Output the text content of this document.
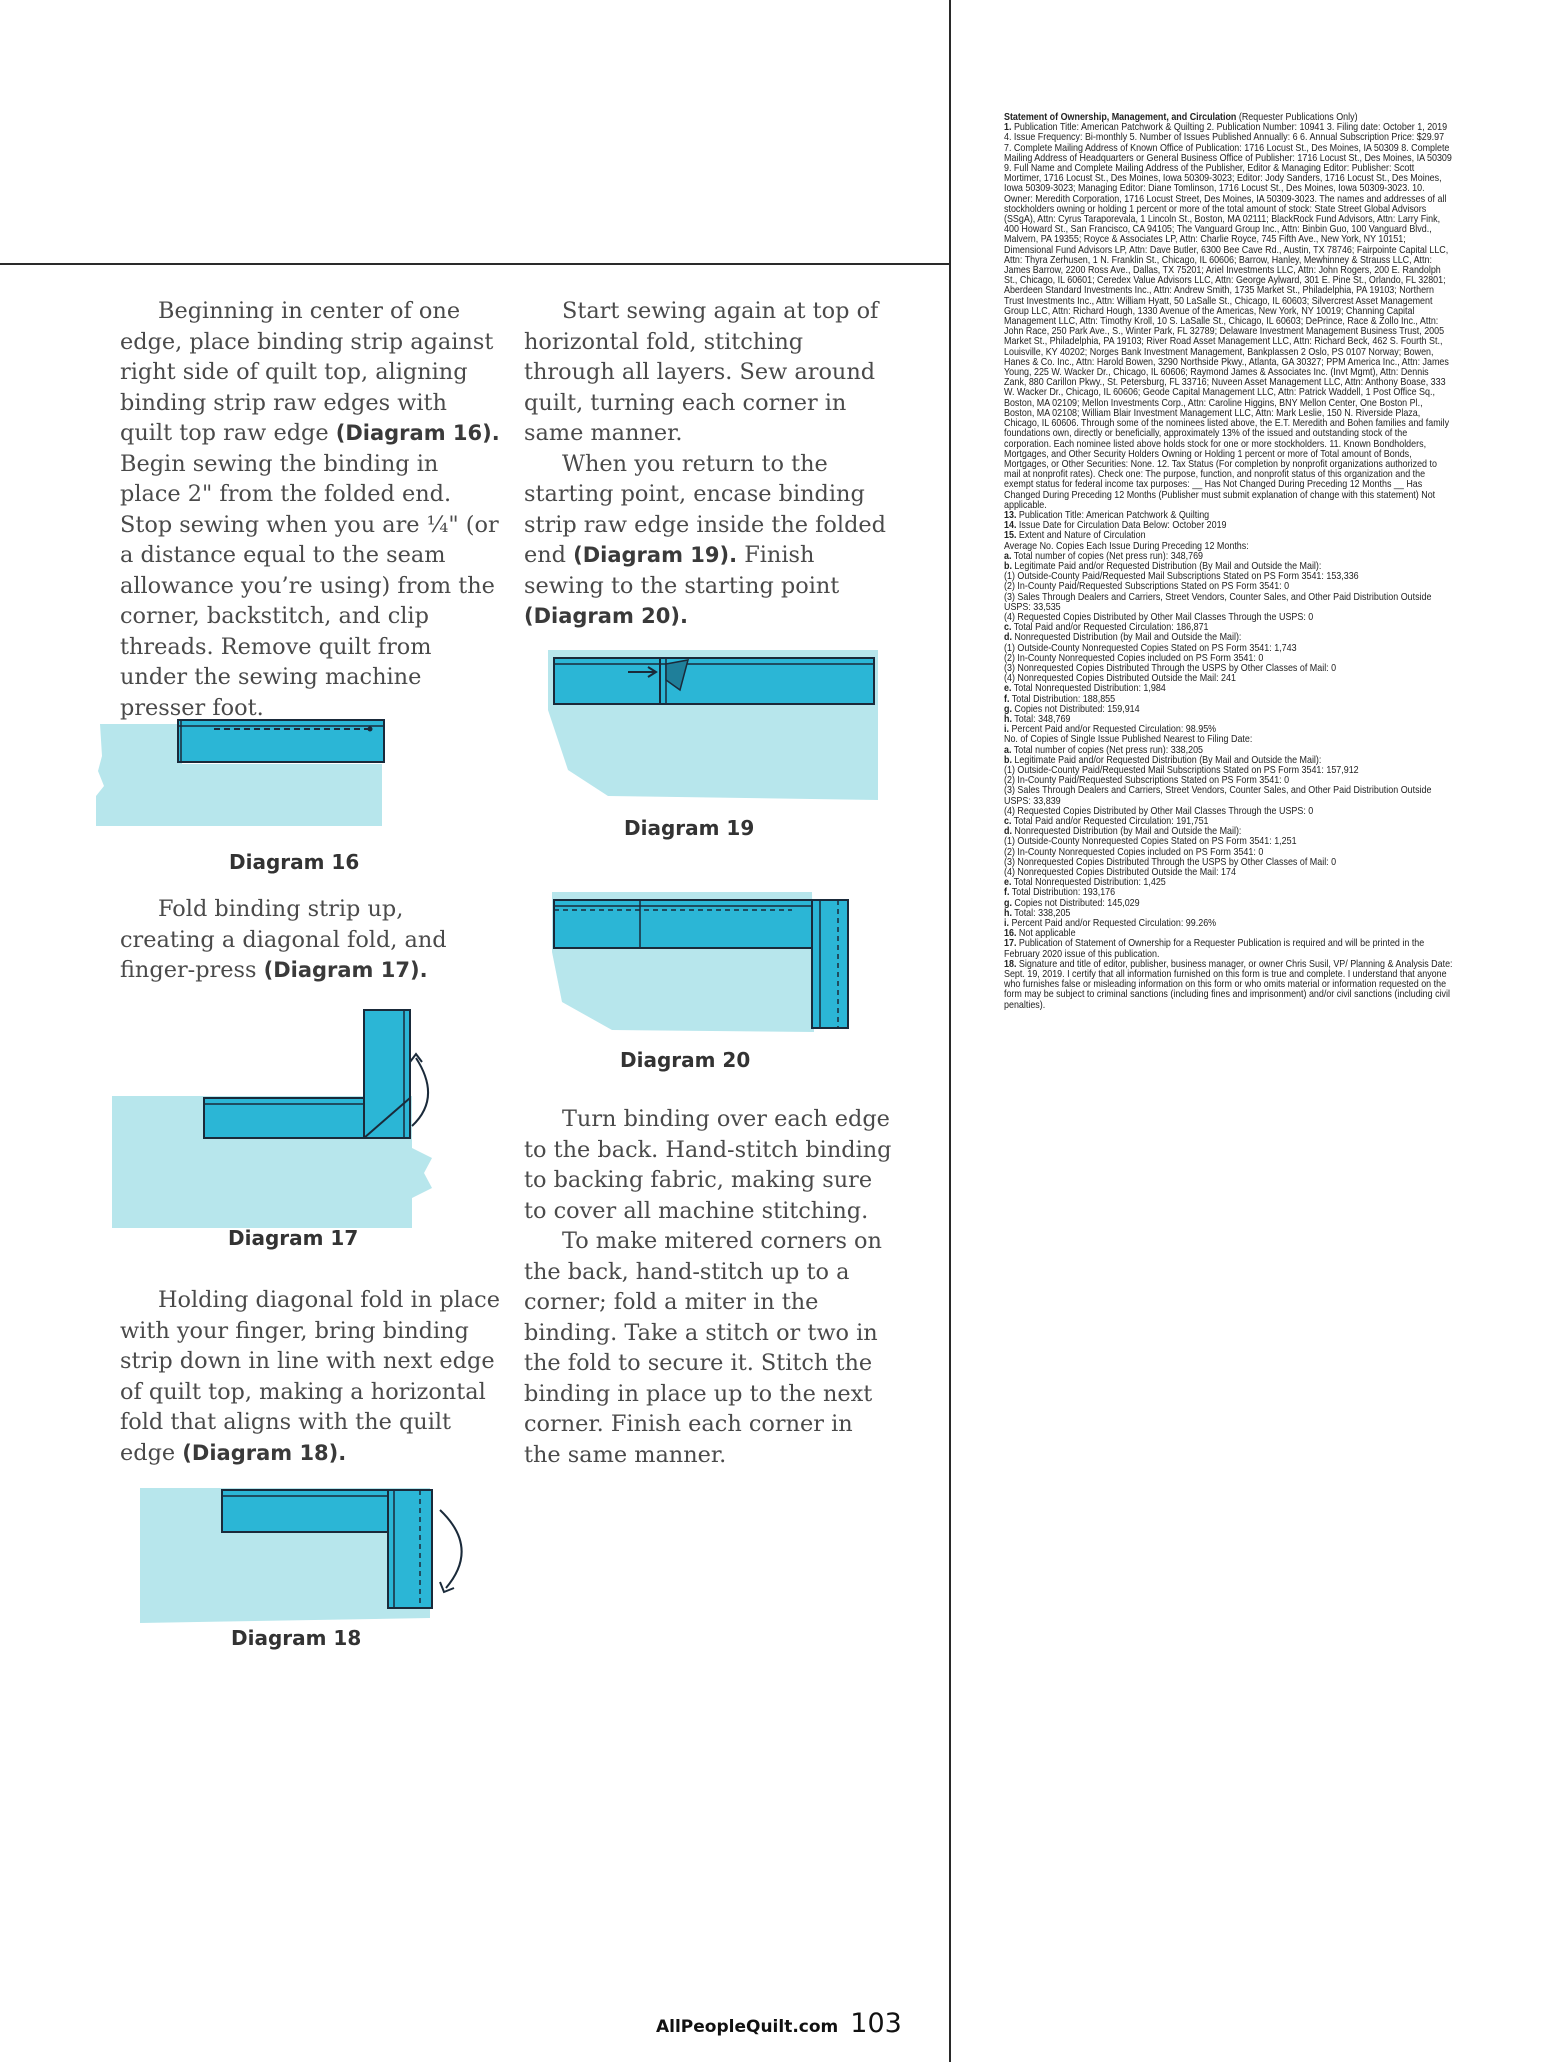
Beginning in center of one edge, place binding strip against right side of quilt top, aligning binding strip raw edges with quilt top raw edge (Diagram 16). Begin sewing the binding in place 2" from the folded end. Stop sewing when you are ¼" (or a distance equal to the seam allowance you’re using) from the corner, backstitch, and clip threads. Remove quilt from under the sewing machine presser foot.

Fold binding strip up, creating a diagonal fold, and finger-press (Diagram 17).

Holding diagonal fold in place with your finger, bring binding strip down in line with next edge of quilt top, making a horizontal fold that aligns with the quilt edge (Diagram 18).

Start sewing again at top of horizontal fold, stitching through all layers. Sew around quilt, turning each corner in same manner.

When you return to the starting point, encase binding strip raw edge inside the folded end (Diagram 19). Finish sewing to the starting point (Diagram 20).

Turn binding over each edge to the back. Hand-stitch binding to backing fabric, making sure to cover all machine stitching.

To make mitered corners on the back, hand-stitch up to a corner; fold a miter in the binding. Take a stitch or two in the fold to secure it. Stitch the binding in place up to the next corner. Finish each corner in the same manner.

Diagram 16
Diagram 17
Diagram 18
Diagram 19
Diagram 20
Statement of Ownership, Management, and Circulation (Requester Publications Only)
1. Publication Title: American Patchwork & Quilting 2. Publication Number: 10941 3. Filing date: October 1, 2019 4. Issue Frequency: Bi-monthly 5. Number of Issues Published Annually: 6 6. Annual Subscription Price: $29.97 7. Complete Mailing Address of Known Office of Publication: 1716 Locust St., Des Moines, IA 50309 8. Complete Mailing Address of Headquarters or General Business Office of Publisher: 1716 Locust St., Des Moines, IA 50309 9. Full Name and Complete Mailing Address of the Publisher, Editor & Managing Editor: Publisher: Scott Mortimer, 1716 Locust St., Des Moines, Iowa 50309-3023; Editor: Jody Sanders, 1716 Locust St., Des Moines, Iowa 50309-3023; Managing Editor: Diane Tomlinson, 1716 Locust St., Des Moines, Iowa 50309-3023. 10. Owner: Meredith Corporation, 1716 Locust Street, Des Moines, IA 50309-3023. The names and addresses of all stockholders owning or holding 1 percent or more of the total amount of stock: State Street Global Advisors (SSgA), Attn: Cyrus Taraporevala, 1 Lincoln St., Boston, MA 02111; BlackRock Fund Advisors, Attn: Larry Fink, 400 Howard St., San Francisco, CA 94105; The Vanguard Group Inc., Attn: Binbin Guo, 100 Vanguard Blvd., Malvern, PA 19355; Royce & Associates LP, Attn: Charlie Royce, 745 Fifth Ave., New York, NY 10151; Dimensional Fund Advisors LP, Attn: Dave Butler, 6300 Bee Cave Rd., Austin, TX 78746; Fairpointe Capital LLC, Attn: Thyra Zerhusen, 1 N. Franklin St., Chicago, IL 60606; Barrow, Hanley, Mewhinney & Strauss LLC, Attn: James Barrow, 2200 Ross Ave., Dallas, TX 75201; Ariel Investments LLC, Attn: John Rogers, 200 E. Randolph St., Chicago, IL 60601; Ceredex Value Advisors LLC, Attn: George Aylward, 301 E. Pine St., Orlando, FL 32801; Aberdeen Standard Investments Inc., Attn: Andrew Smith, 1735 Market St., Philadelphia, PA 19103; Northern Trust Investments Inc., Attn: William Hyatt, 50 LaSalle St., Chicago, IL 60603; Silvercrest Asset Management Group LLC, Attn: Richard Hough, 1330 Avenue of the Americas, New York, NY 10019; Channing Capital Management LLC, Attn: Timothy Kroll, 10 S. LaSalle St., Chicago, IL 60603; DePrince, Race & Zollo Inc., Attn: John Race, 250 Park Ave., S., Winter Park, FL 32789; Delaware Investment Management Business Trust, 2005 Market St., Philadelphia, PA 19103; River Road Asset Management LLC, Attn: Richard Beck, 462 S. Fourth St., Louisville, KY 40202; Norges Bank Investment Management, Bankplassen 2 Oslo, PS 0107 Norway; Bowen, Hanes & Co. Inc., Attn: Harold Bowen, 3290 Northside Pkwy., Atlanta, GA 30327; PPM America Inc., Attn: James Young, 225 W. Wacker Dr., Chicago, IL 60606; Raymond James & Associates Inc. (Invt Mgmt), Attn: Dennis Zank, 880 Carillon Pkwy., St. Petersburg, FL 33716; Nuveen Asset Management LLC, Attn: Anthony Boase, 333 W. Wacker Dr., Chicago, IL 60606; Geode Capital Management LLC, Attn: Patrick Waddell, 1 Post Office Sq., Boston, MA 02109; Mellon Investments Corp., Attn: Caroline Higgins, BNY Mellon Center, One Boston Pl., Boston, MA 02108; William Blair Investment Management LLC, Attn: Mark Leslie, 150 N. Riverside Plaza, Chicago, IL 60606. Through some of the nominees listed above, the E.T. Meredith and Bohen families and family foundations own, directly or beneficially, approximately 13% of the issued and outstanding stock of the corporation. Each nominee listed above holds stock for one or more stockholders. 11. Known Bondholders, Mortgages, and Other Security Holders Owning or Holding 1 percent or more of Total amount of Bonds, Mortgages, or Other Securities: None. 12. Tax Status (For completion by nonprofit organizations authorized to mail at nonprofit rates). Check one: The purpose, function, and nonprofit status of this organization and the exempt status for federal income tax purposes: __ Has Not Changed During Preceding 12 Months __ Has Changed During Preceding 12 Months (Publisher must submit explanation of change with this statement) Not applicable.
13. Publication Title: American Patchwork & Quilting
14. Issue Date for Circulation Data Below: October 2019
15. Extent and Nature of Circulation
Average No. Copies Each Issue During Preceding 12 Months:
a. Total number of copies (Net press run): 348,769
b. Legitimate Paid and/or Requested Distribution (By Mail and Outside the Mail):
(1) Outside-County Paid/Requested Mail Subscriptions Stated on PS Form 3541: 153,336
(2) In-County Paid/Requested Subscriptions Stated on PS Form 3541: 0
(3) Sales Through Dealers and Carriers, Street Vendors, Counter Sales, and Other Paid Distribution Outside USPS: 33,535
(4) Requested Copies Distributed by Other Mail Classes Through the USPS: 0
c. Total Paid and/or Requested Circulation: 186,871
d. Nonrequested Distribution (by Mail and Outside the Mail):
(1) Outside-County Nonrequested Copies Stated on PS Form 3541: 1,743
(2) In-County Nonrequested Copies included on PS Form 3541: 0
(3) Nonrequested Copies Distributed Through the USPS by Other Classes of Mail: 0
(4) Nonrequested Copies Distributed Outside the Mail: 241
e. Total Nonrequested Distribution: 1,984
f. Total Distribution: 188,855
g. Copies not Distributed: 159,914
h. Total: 348,769
i. Percent Paid and/or Requested Circulation: 98.95%
No. of Copies of Single Issue Published Nearest to Filing Date:
a. Total number of copies (Net press run): 338,205
b. Legitimate Paid and/or Requested Distribution (By Mail and Outside the Mail):
(1) Outside-County Paid/Requested Mail Subscriptions Stated on PS Form 3541: 157,912
(2) In-County Paid/Requested Subscriptions Stated on PS Form 3541: 0
(3) Sales Through Dealers and Carriers, Street Vendors, Counter Sales, and Other Paid Distribution Outside USPS: 33,839
(4) Requested Copies Distributed by Other Mail Classes Through the USPS: 0
c. Total Paid and/or Requested Circulation: 191,751
d. Nonrequested Distribution (by Mail and Outside the Mail):
(1) Outside-County Nonrequested Copies Stated on PS Form 3541: 1,251
(2) In-County Nonrequested Copies included on PS Form 3541: 0
(3) Nonrequested Copies Distributed Through the USPS by Other Classes of Mail: 0
(4) Nonrequested Copies Distributed Outside the Mail: 174
e. Total Nonrequested Distribution: 1,425
f. Total Distribution: 193,176
g. Copies not Distributed: 145,029
h. Total: 338,205
i. Percent Paid and/or Requested Circulation: 99.26%
16. Not applicable
17. Publication of Statement of Ownership for a Requester Publication is required and will be printed in the February 2020 issue of this publication.
18. Signature and title of editor, publisher, business manager, or owner Chris Susil, VP/ Planning & Analysis Date: Sept. 19, 2019. I certify that all information furnished on this form is true and complete. I understand that anyone who furnishes false or misleading information on this form or who omits material or information requested on the form may be subject to criminal sanctions (including fines and imprisonment) and/or civil sanctions (including civil penalties).
AllPeopleQuilt.com 103
